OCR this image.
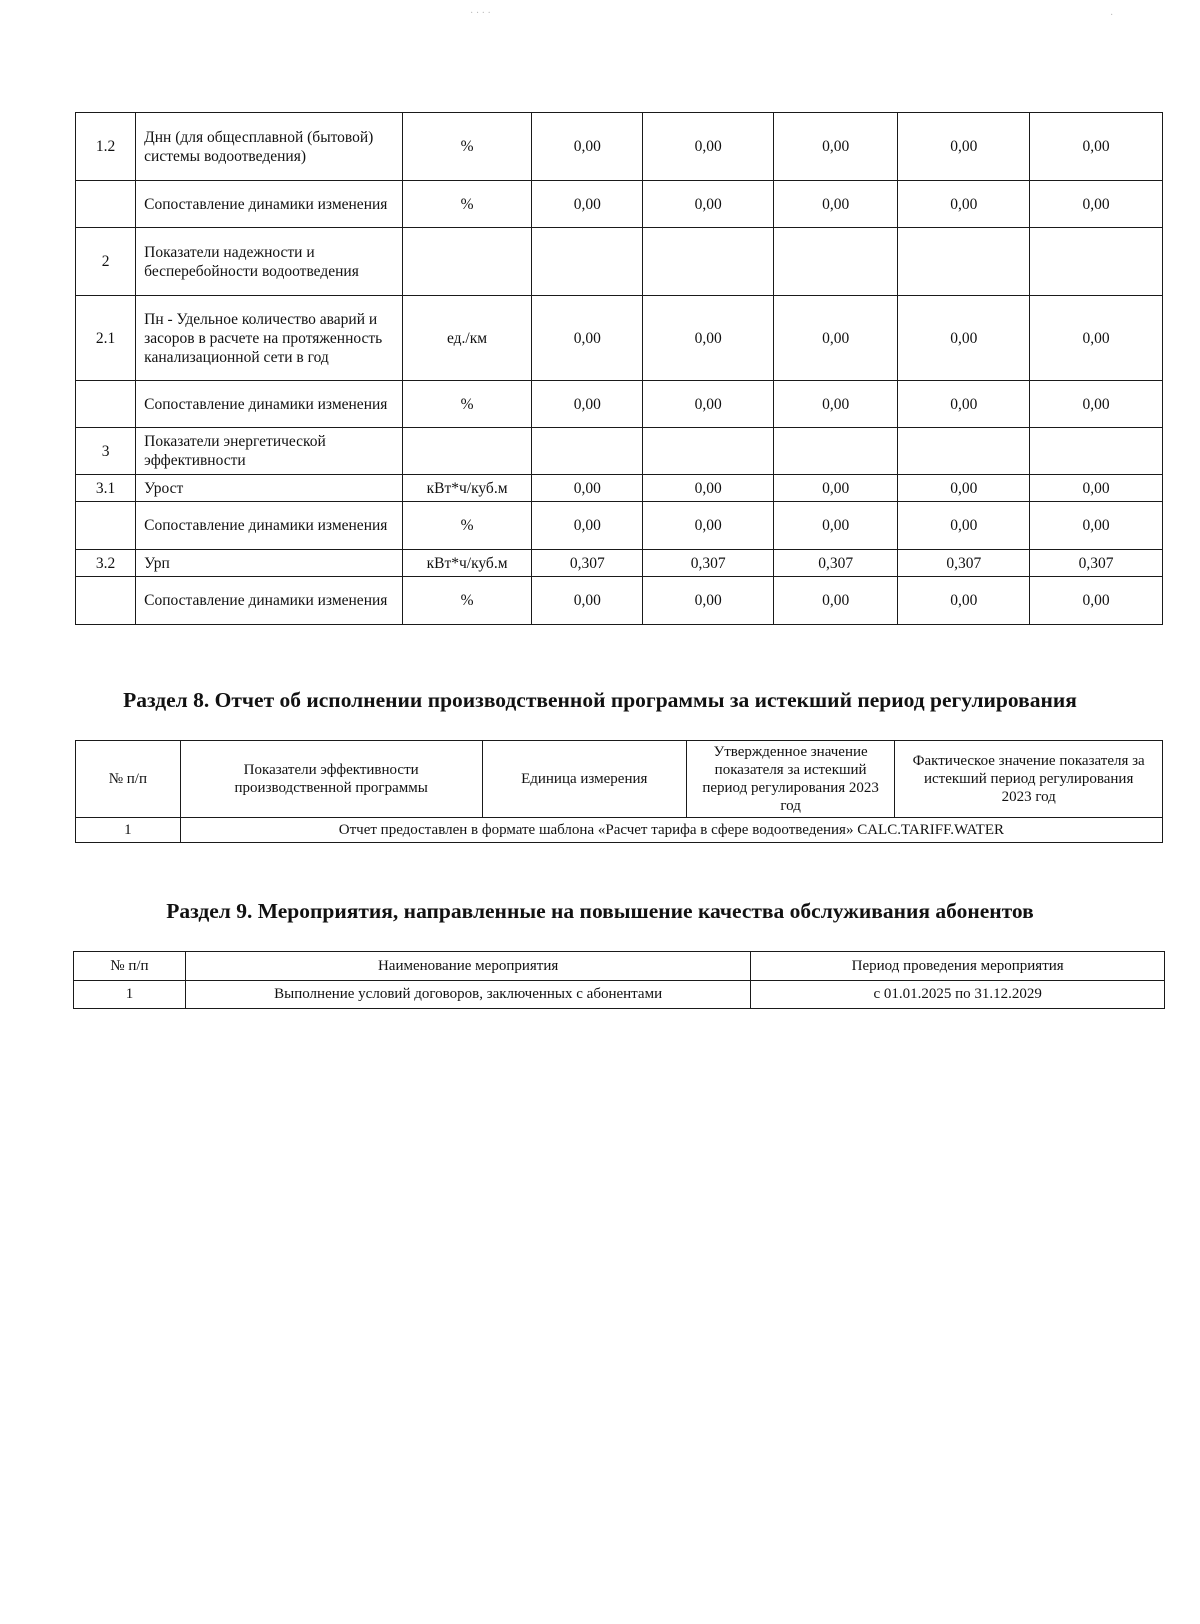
1.2	Днн (для общесплавной (бытовой) системы водоотведения)	%	0,00	0,00	0,00	0,00	0,00
	Сопоставление динамики изменения	%	0,00	0,00	0,00	0,00	0,00
2	Показатели надежности и бесперебойности водоотведения						
2.1	Пн - Удельное количество аварий и засоров в расчете на протяженность канализационной сети в год	ед./км	0,00	0,00	0,00	0,00	0,00
	Сопоставление динамики изменения	%	0,00	0,00	0,00	0,00	0,00
3	Показатели энергетической эффективности						
3.1	Урост	кВт*ч/куб.м	0,00	0,00	0,00	0,00	0,00
	Сопоставление динамики изменения	%	0,00	0,00	0,00	0,00	0,00
3.2	Урп	кВт*ч/куб.м	0,307	0,307	0,307	0,307	0,307
	Сопоставление динамики изменения	%	0,00	0,00	0,00	0,00	0,00
Раздел 8. Отчет об исполнении производственной программы за истекший период регулирования
№ п/п	Показатели эффективности производственной программы	Единица измерения	Утвержденное значение показателя за истекший период регулирования 2023 год	Фактическое значение показателя за истекший период регулирования 2023 год
1	Отчет предоставлен в формате шаблона «Расчет тарифа в сфере водоотведения» CALC.TARIFF.WATER			
Раздел 9. Мероприятия, направленные на повышение качества обслуживания абонентов
№ п/п	Наименование мероприятия	Период проведения мероприятия
1	Выполнение условий договоров, заключенных с абонентами	с 01.01.2025 по 31.12.2029
· · · ·	·
